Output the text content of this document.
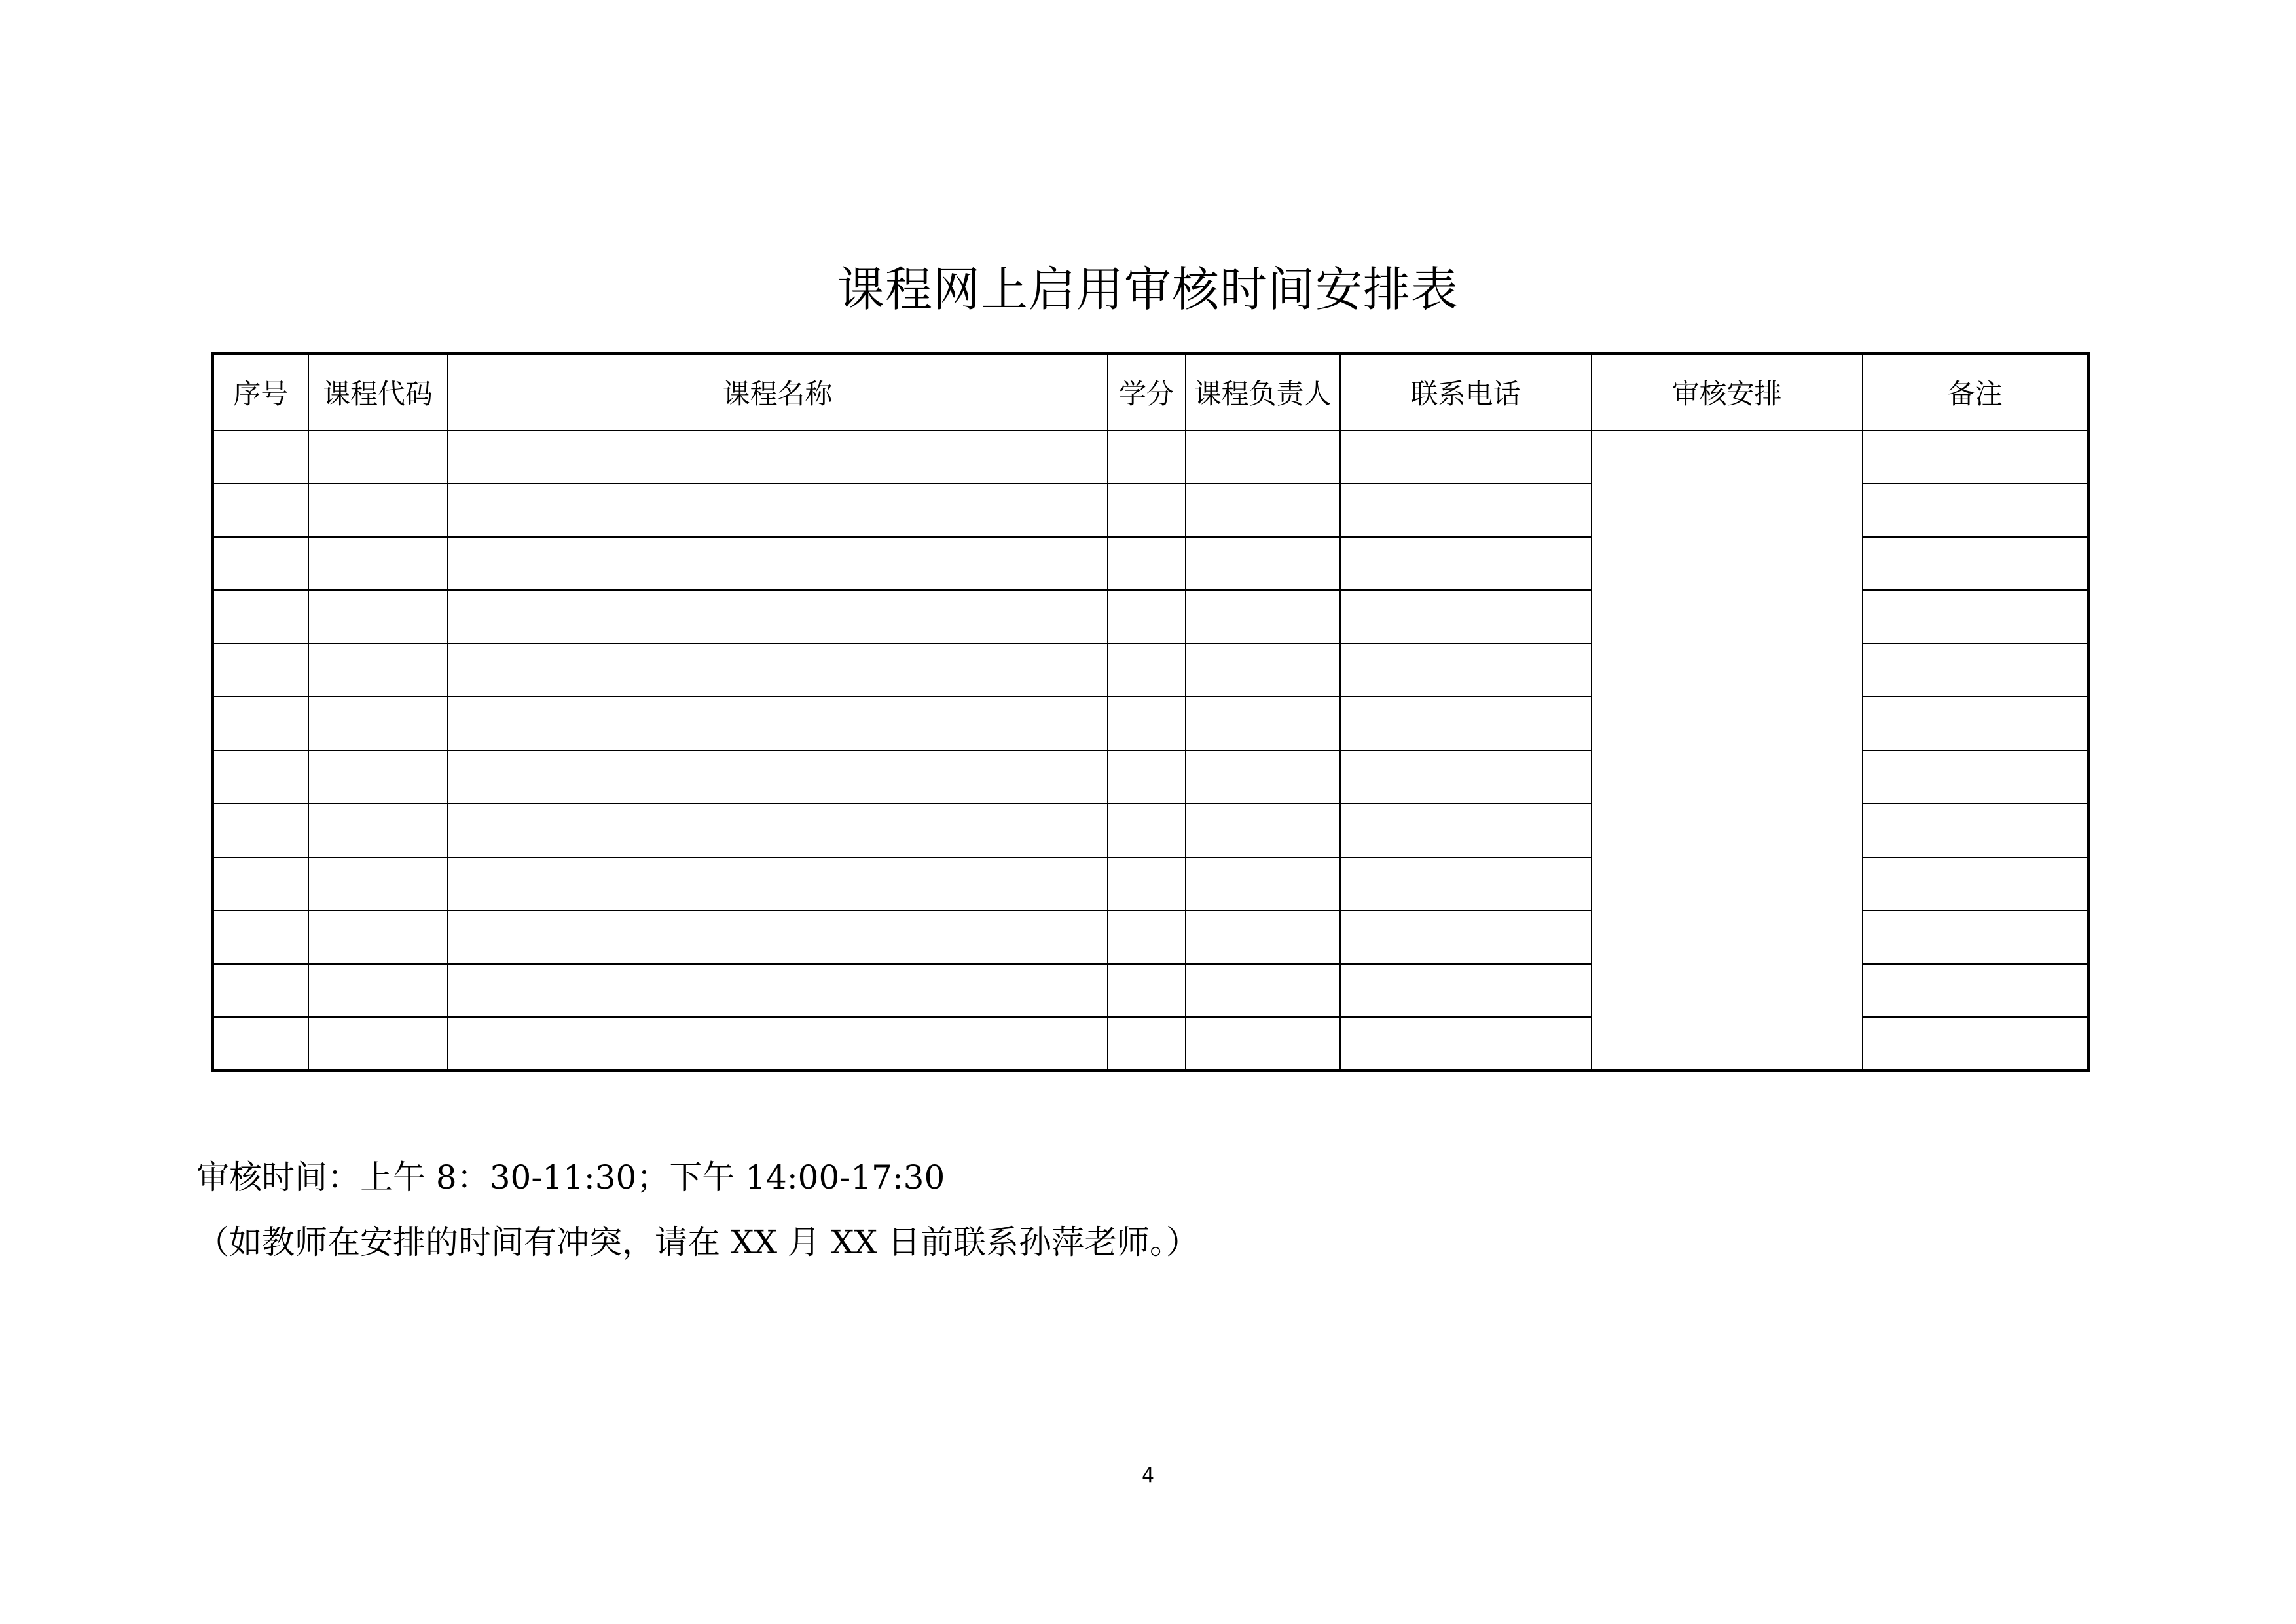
课程网上启用审核时间安排表
序号	课程代码	课程名称	学分	课程负责人	联系电话	审核安排	备注

审核时间：上午 8：30-11:30；下午 14:00-17:30
（如教师在安排的时间有冲突，请在 XX 月 XX 日前联系孙萍老师。）
4
